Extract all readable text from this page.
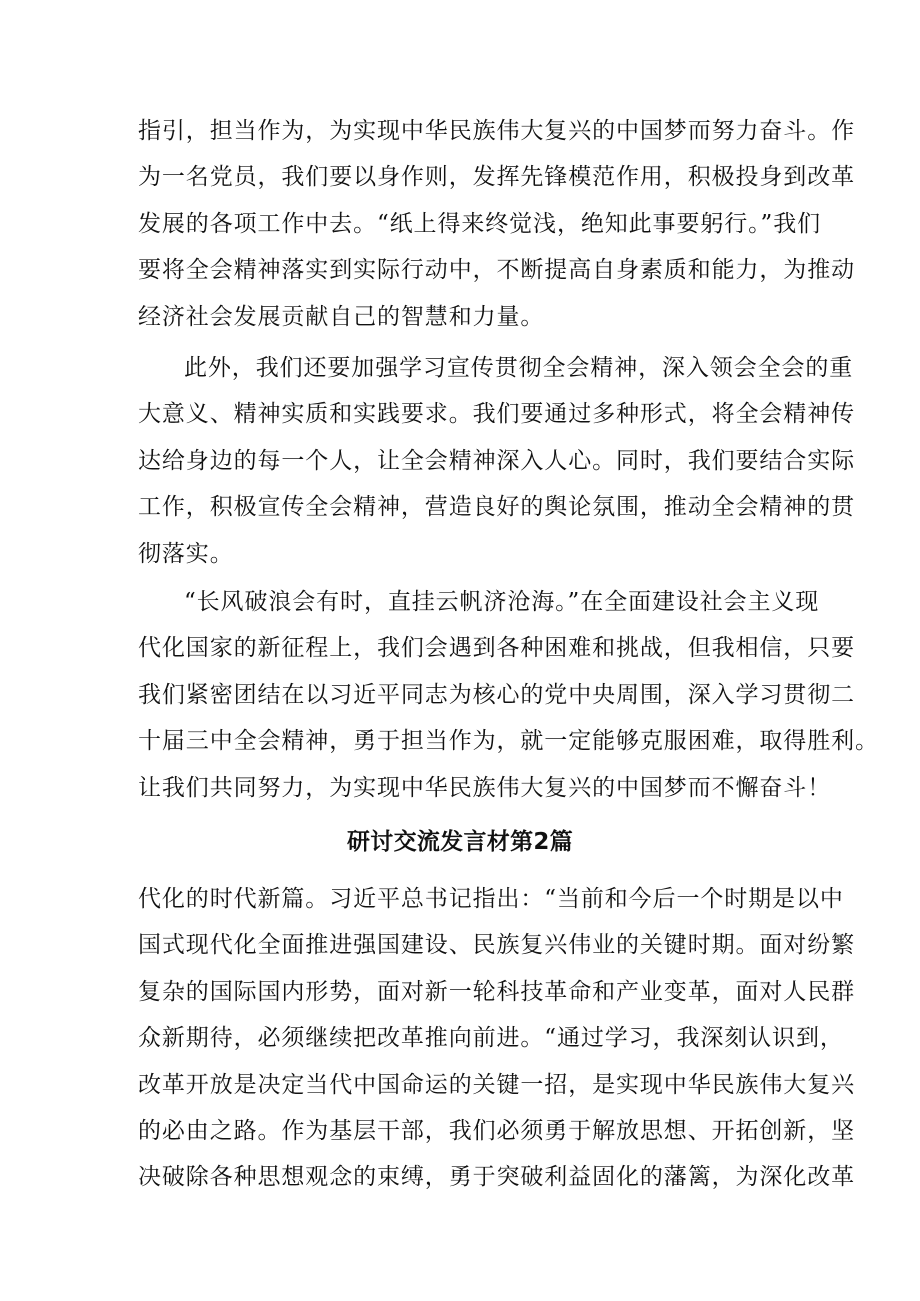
指引，担当作为，为实现中华民族伟大复兴的中国梦而努力奋斗。作
为一名党员，我们要以身作则，发挥先锋模范作用，积极投身到改革
发展的各项工作中去。“纸上得来终觉浅，绝知此事要躬行。”我们
要将全会精神落实到实际行动中，不断提高自身素质和能力，为推动
经济社会发展贡献自己的智慧和力量。
此外，我们还要加强学习宣传贯彻全会精神，深入领会全会的重
大意义、精神实质和实践要求。我们要通过多种形式，将全会精神传
达给身边的每一个人，让全会精神深入人心。同时，我们要结合实际
工作，积极宣传全会精神，营造良好的舆论氛围，推动全会精神的贯
彻落实。
“长风破浪会有时，直挂云帆济沧海。”在全面建设社会主义现
代化国家的新征程上，我们会遇到各种困难和挑战，但我相信，只要
我们紧密团结在以习近平同志为核心的党中央周围，深入学习贯彻二
十届三中全会精神，勇于担当作为，就一定能够克服困难，取得胜利。
让我们共同努力，为实现中华民族伟大复兴的中国梦而不懈奋斗！
研讨交流发言材第2篇
代化的时代新篇。习近平总书记指出：“当前和今后一个时期是以中
国式现代化全面推进强国建设、民族复兴伟业的关键时期。面对纷繁
复杂的国际国内形势，面对新一轮科技革命和产业变革，面对人民群
众新期待，必须继续把改革推向前进。“通过学习，我深刻认识到，
改革开放是决定当代中国命运的关键一招，是实现中华民族伟大复兴
的必由之路。作为基层干部，我们必须勇于解放思想、开拓创新，坚
决破除各种思想观念的束缚，勇于突破利益固化的藩篱，为深化改革
